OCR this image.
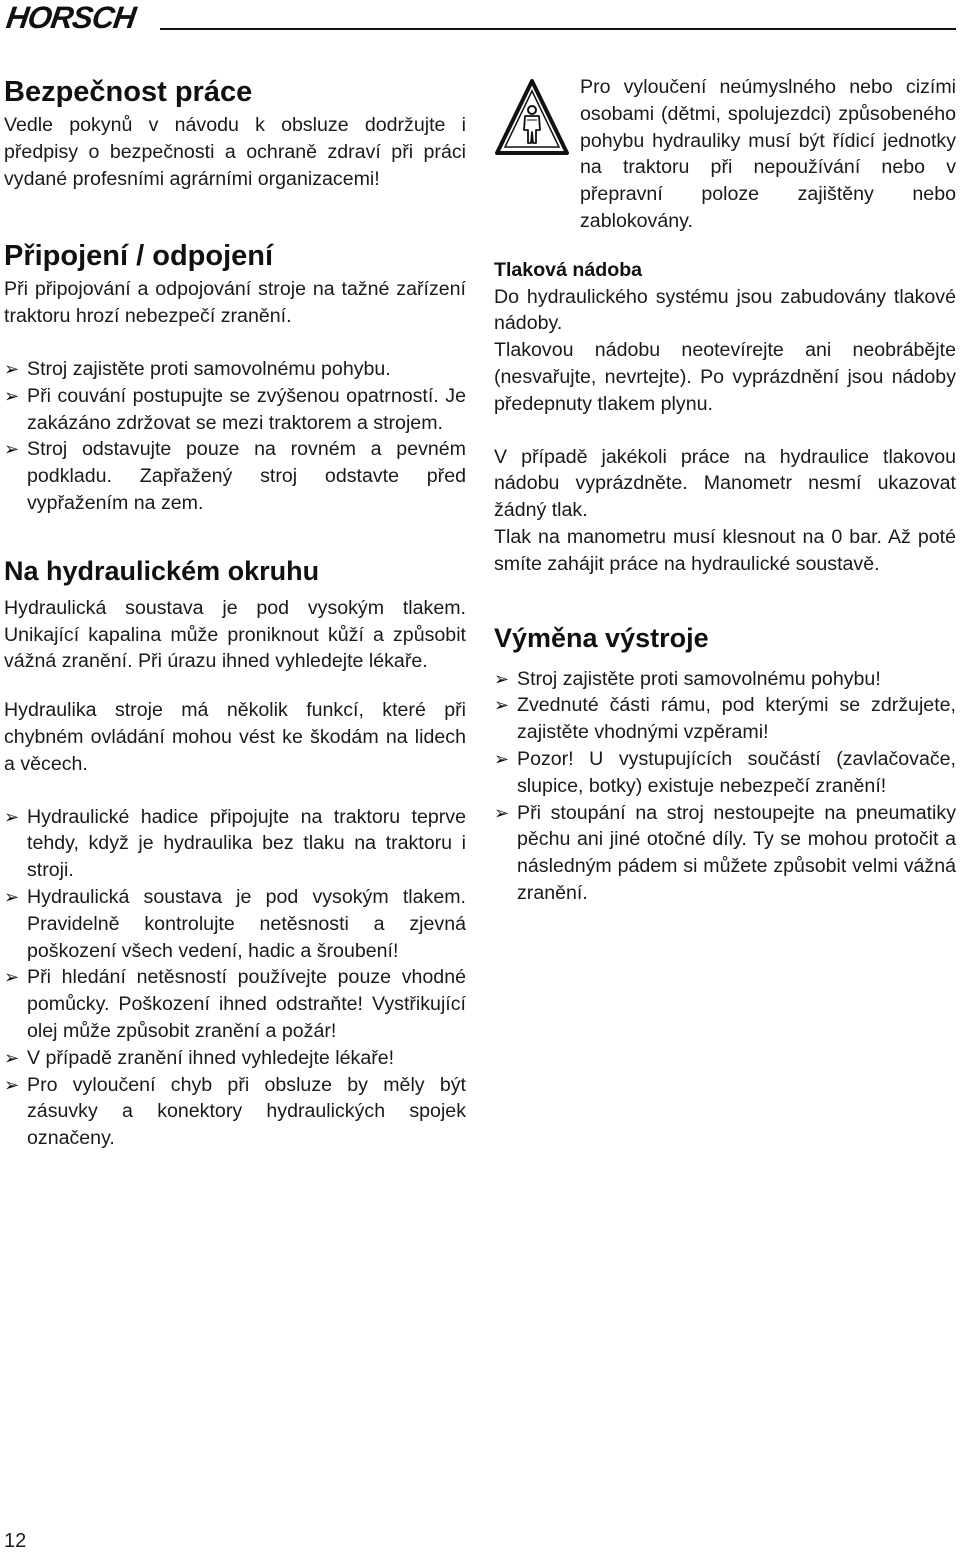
HORSCH
Bezpečnost práce

Vedle pokynů v návodu k obsluze dodržujte i předpisy o bezpečnosti a ochraně zdraví při práci vydané profesními agrárními organizacemi!

Připojení / odpojení

Při připojování a odpojování stroje na tažné zařízení traktoru hrozí nebezpečí zranění.

➢ Stroj zajistěte proti samovolnému pohybu.
➢ Při couvání postupujte se zvýšenou opatrností. Je zakázáno zdržovat se mezi traktorem a strojem.
➢ Stroj odstavujte pouze na rovném a pevném podkladu. Zapřažený stroj odstavte před vypřažením na zem.
Na hydraulickém okruhu

Hydraulická soustava je pod vysokým tlakem. Unikající kapalina může proniknout kůží a způsobit vážná zranění. Při úrazu ihned vyhledejte lékaře.

Hydraulika stroje má několik funkcí, které při chybném ovládání mohou vést ke škodám na lidech a věcech.

➢ Hydraulické hadice připojujte na traktoru teprve tehdy, když je hydraulika bez tlaku na traktoru i stroji.
➢ Hydraulická soustava je pod vysokým tlakem. Pravidelně kontrolujte netěsnosti a zjevná poškození všech vedení, hadic a šroubení!
➢ Při hledání netěsností používejte pouze vhodné pomůcky. Poškození ihned odstraňte! Vystřikující olej může způsobit zranění a požár!
➢ V případě zranění ihned vyhledejte lékaře!
➢ Pro vyloučení chyb při obsluze by měly být zásuvky a konektory hydraulických spojek označeny.

Pro vyloučení neúmyslného nebo cizími osobami (dětmi, spolujezdci) způsobeného pohybu hydrauliky musí být řídicí jednotky na traktoru při nepoužívání nebo v přepravní poloze zajištěny nebo zablokovány.

Tlaková nádoba

Do hydraulického systému jsou zabudovány tlakové nádoby.

Tlakovou nádobu neotevírejte ani neobrábějte (nesvařujte, nevrtejte). Po vyprázdnění jsou nádoby předepnuty tlakem plynu.

V případě jakékoli práce na hydraulice tlakovou nádobu vyprázdněte. Manometr nesmí ukazovat žádný tlak.

Tlak na manometru musí klesnout na 0 bar. Až poté smíte zahájit práce na hydraulické soustavě.

Výměna výstroje
➢ Stroj zajistěte proti samovolnému pohybu!
➢ Zvednuté části rámu, pod kterými se zdržujete, zajistěte vhodnými vzpěrami!
➢ Pozor! U vystupujících součástí (zavlačovače, slupice, botky) existuje nebezpečí zranění!
➢ Při stoupání na stroj nestoupejte na pneumatiky pěchu ani jiné otočné díly. Ty se mohou protočit a následným pádem si můžete způsobit velmi vážná zranění.
12
